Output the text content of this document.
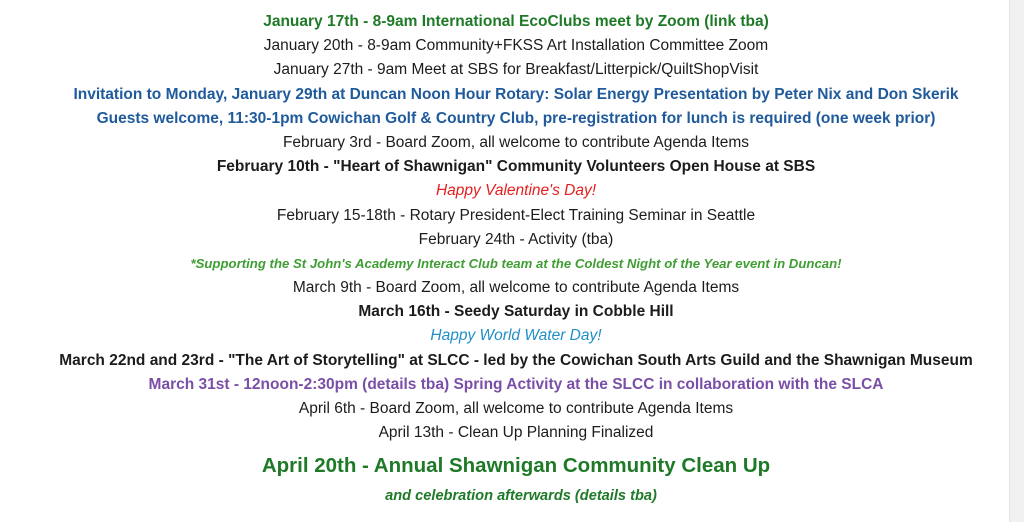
January 17th - 8-9am International EcoClubs meet by Zoom (link tba)
January 20th - 8-9am Community+FKSS Art Installation Committee Zoom
January 27th - 9am Meet at SBS for Breakfast/Litterpick/QuiltShopVisit
Invitation to Monday, January 29th at Duncan Noon Hour Rotary: Solar Energy Presentation by Peter Nix and Don Skerik
Guests welcome, 11:30-1pm Cowichan Golf & Country Club, pre-registration for lunch is required (one week prior)
February 3rd - Board Zoom, all welcome to contribute Agenda Items
February 10th - "Heart of Shawnigan" Community Volunteers Open House at SBS
Happy Valentine's Day!
February 15-18th - Rotary President-Elect Training Seminar in Seattle
February 24th - Activity (tba)
*Supporting the St John's Academy Interact Club team at the Coldest Night of the Year event in Duncan!
March 9th - Board Zoom, all welcome to contribute Agenda Items
March 16th - Seedy Saturday in Cobble Hill
Happy World Water Day!
March 22nd and 23rd - "The Art of Storytelling" at SLCC - led by the Cowichan South Arts Guild and the Shawnigan Museum
March 31st - 12noon-2:30pm (details tba) Spring Activity at the SLCC in collaboration with the SLCA
April 6th - Board Zoom, all welcome to contribute Agenda Items
April 13th - Clean Up Planning Finalized
April 20th - Annual Shawnigan Community Clean Up
and celebration afterwards (details tba)
